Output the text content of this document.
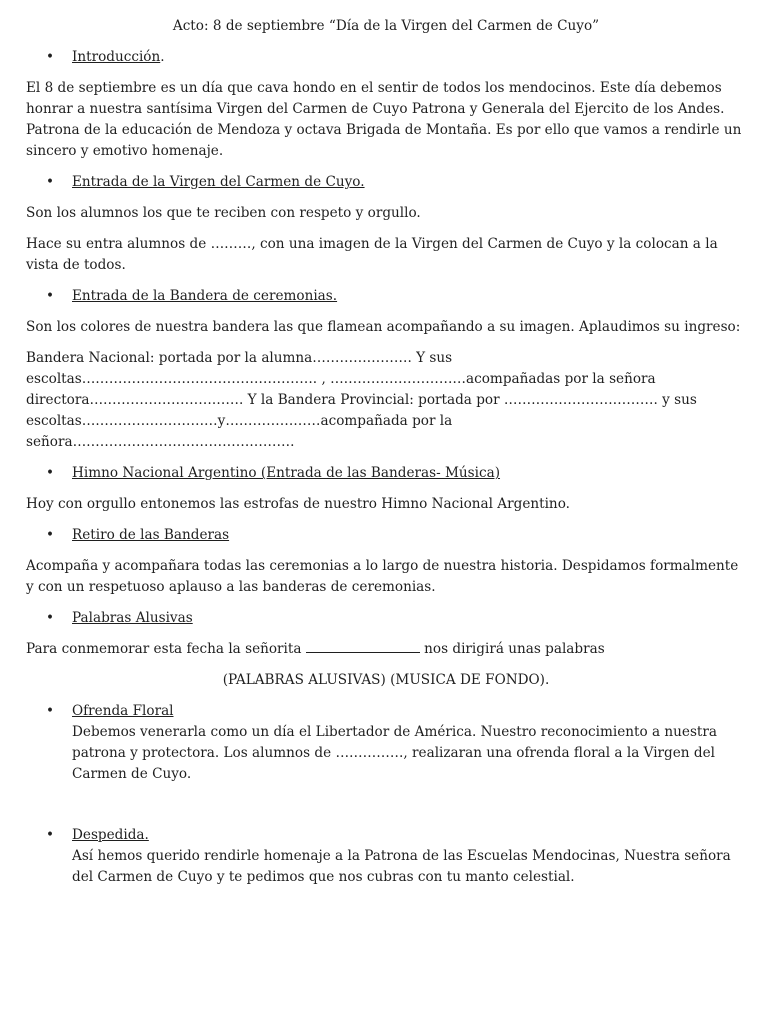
Acto: 8 de septiembre “Día de la Virgen del Carmen de Cuyo”
• Introducción.

El 8 de septiembre es un día que cava hondo en el sentir de todos los mendocinos. Este día debemos honrar a nuestra santísima Virgen del Carmen de Cuyo Patrona y Generala del Ejercito de los Andes. Patrona de la educación de Mendoza y octava Brigada de Montaña. Es por ello que vamos a rendirle un sincero y emotivo homenaje.

• Entrada de la Virgen del Carmen de Cuyo.

Son los alumnos los que te reciben con respeto y orgullo.

Hace su entra alumnos de ………, con una imagen de la Virgen del Carmen de Cuyo y la colocan a la vista de todos.

• Entrada de la Bandera de ceremonias.

Son los colores de nuestra bandera las que flamean acompañando a su imagen. Aplaudimos su ingreso:

Bandera Nacional: portada por la alumna…………………. Y sus
escoltas……………………………………………. , …………………………acompañadas por la señora
directora……………………………. Y la Bandera Provincial: portada por ……………………………. y sus
escoltas…………………………y…………………acompañada por la
señora………………………………………….

• Himno Nacional Argentino (Entrada de las Banderas- Música)

Hoy con orgullo entonemos las estrofas de nuestro Himno Nacional Argentino.

• Retiro de las Banderas

Acompaña y acompañara todas las ceremonias a lo largo de nuestra historia. Despidamos formalmente y con un respetuoso aplauso a las banderas de ceremonias.

• Palabras Alusivas

Para conmemorar esta fecha la señorita	nos dirigirá unas palabras

(PALABRAS ALUSIVAS) (MUSICA DE FONDO).
• Ofrenda Floral
Debemos venerarla como un día el Libertador de América. Nuestro reconocimiento a nuestra patrona y protectora. Los alumnos de ……………, realizaran una ofrenda floral a la Virgen del Carmen de Cuyo.
• Despedida.
Así hemos querido rendirle homenaje a la Patrona de las Escuelas Mendocinas, Nuestra señora del Carmen de Cuyo y te pedimos que nos cubras con tu manto celestial.
